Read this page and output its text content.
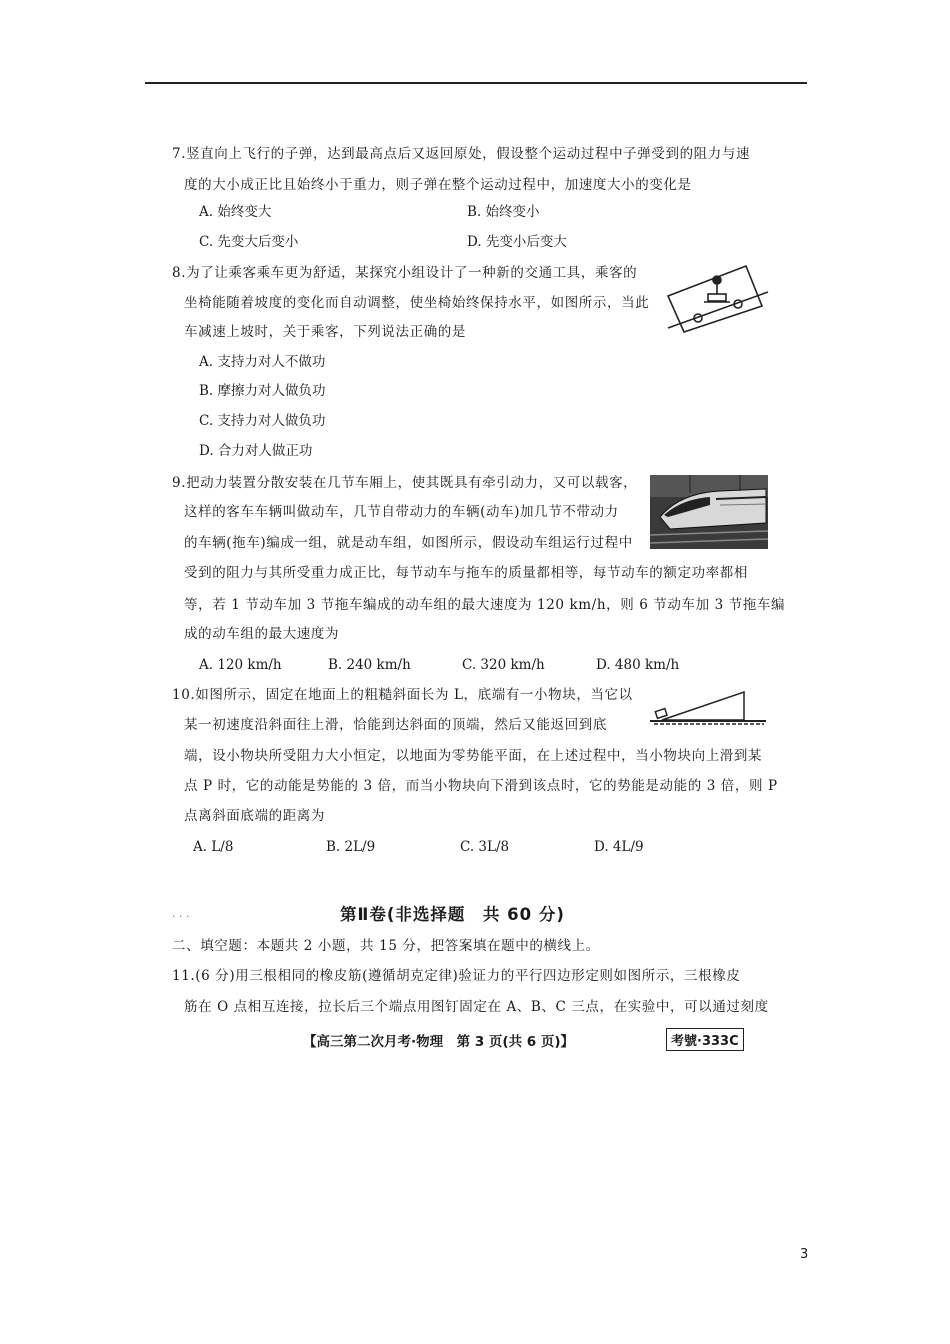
7.竖直向上飞行的子弹，达到最高点后又返回原处，假设整个运动过程中子弹受到的阻力与速
度的大小成正比且始终小于重力，则子弹在整个运动过程中，加速度大小的变化是
A. 始终变大	B. 始终变小
C. 先变大后变小	D. 先变小后变大
8.为了让乘客乘车更为舒适，某探究小组设计了一种新的交通工具，乘客的
坐椅能随着坡度的变化而自动调整，使坐椅始终保持水平，如图所示，当此
车减速上坡时，关于乘客，下列说法正确的是
A. 支持力对人不做功
B. 摩擦力对人做负功
C. 支持力对人做负功
D. 合力对人做正功
9.把动力装置分散安装在几节车厢上，使其既具有牵引动力，又可以载客，
这样的客车车辆叫做动车，几节自带动力的车辆(动车)加几节不带动力
的车辆(拖车)编成一组，就是动车组，如图所示，假设动车组运行过程中
受到的阻力与其所受重力成正比，每节动车与拖车的质量都相等，每节动车的额定功率都相
等，若 1 节动车加 3 节拖车编成的动车组的最大速度为 120 km/h，则 6 节动车加 3 节拖车编
成的动车组的最大速度为
A. 120 km/h	B. 240 km/h	C. 320 km/h	D. 480 km/h
10.如图所示，固定在地面上的粗糙斜面长为 L，底端有一小物块，当它以
某一初速度沿斜面往上滑，恰能到达斜面的顶端，然后又能返回到底
端，设小物块所受阻力大小恒定，以地面为零势能平面，在上述过程中，当小物块向上滑到某
点 P 时，它的动能是势能的 3 倍，而当小物块向下滑到该点时，它的势能是动能的 3 倍，则 P
点离斜面底端的距离为
A. L/8	B. 2L/9	C. 3L/8	D. 4L/9
· · ·	第Ⅱ卷(非选择题　共 60 分)
二、填空题：本题共 2 小题，共 15 分，把答案填在题中的横线上。
11.(6 分)用三根相同的橡皮筋(遵循胡克定律)验证力的平行四边形定则如图所示，三根橡皮
筋在 O 点相互连接，拉长后三个端点用图钉固定在 A、B、C 三点，在实验中，可以通过刻度
【高三第二次月考·物理　第 3 页(共 6 页)】	考號·333C
3
